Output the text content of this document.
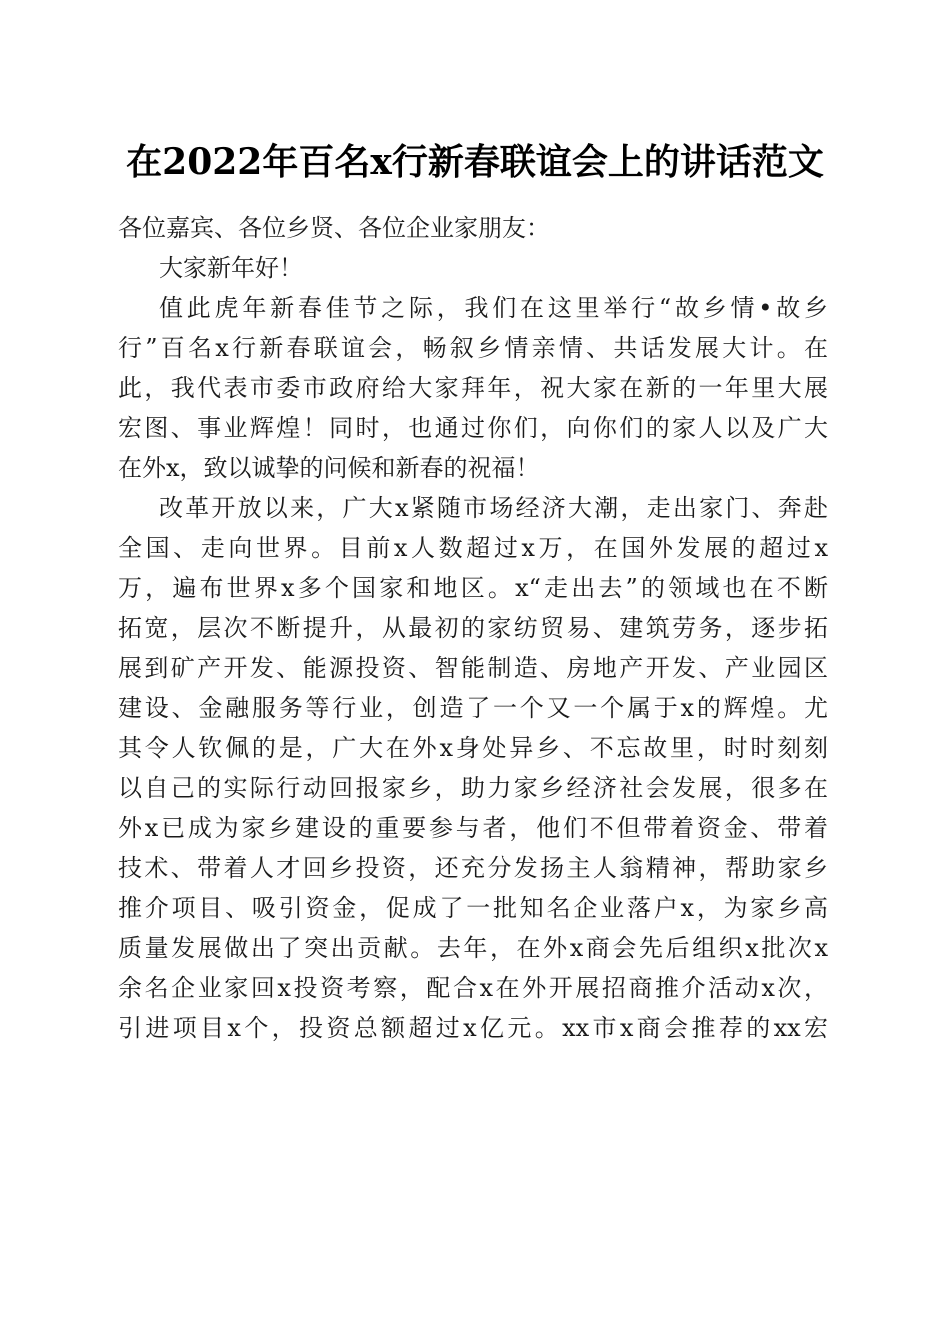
在2022年百名x行新春联谊会上的讲话范文
各位嘉宾、各位乡贤、各位企业家朋友：
大家新年好！
值此虎年新春佳节之际，我们在这里举行“故乡情•故乡
行”百名x行新春联谊会，畅叙乡情亲情、共话发展大计。在
此，我代表市委市政府给大家拜年，祝大家在新的一年里大展
宏图、事业辉煌！同时，也通过你们，向你们的家人以及广大
在外x，致以诚挚的问候和新春的祝福！
改革开放以来，广大x紧随市场经济大潮，走出家门、奔赴
全国、走向世界。目前x人数超过x万，在国外发展的超过x
万，遍布世界x多个国家和地区。x“走出去”的领域也在不断
拓宽，层次不断提升，从最初的家纺贸易、建筑劳务，逐步拓
展到矿产开发、能源投资、智能制造、房地产开发、产业园区
建设、金融服务等行业，创造了一个又一个属于x的辉煌。尤
其令人钦佩的是，广大在外x身处异乡、不忘故里，时时刻刻
以自己的实际行动回报家乡，助力家乡经济社会发展，很多在
外x已成为家乡建设的重要参与者，他们不但带着资金、带着
技术、带着人才回乡投资，还充分发扬主人翁精神，帮助家乡
推介项目、吸引资金，促成了一批知名企业落户x，为家乡高
质量发展做出了突出贡献。去年，在外x商会先后组织x批次x
余名企业家回x投资考察，配合x在外开展招商推介活动x次，
引进项目x个，投资总额超过x亿元。xx市x商会推荐的xx宏
